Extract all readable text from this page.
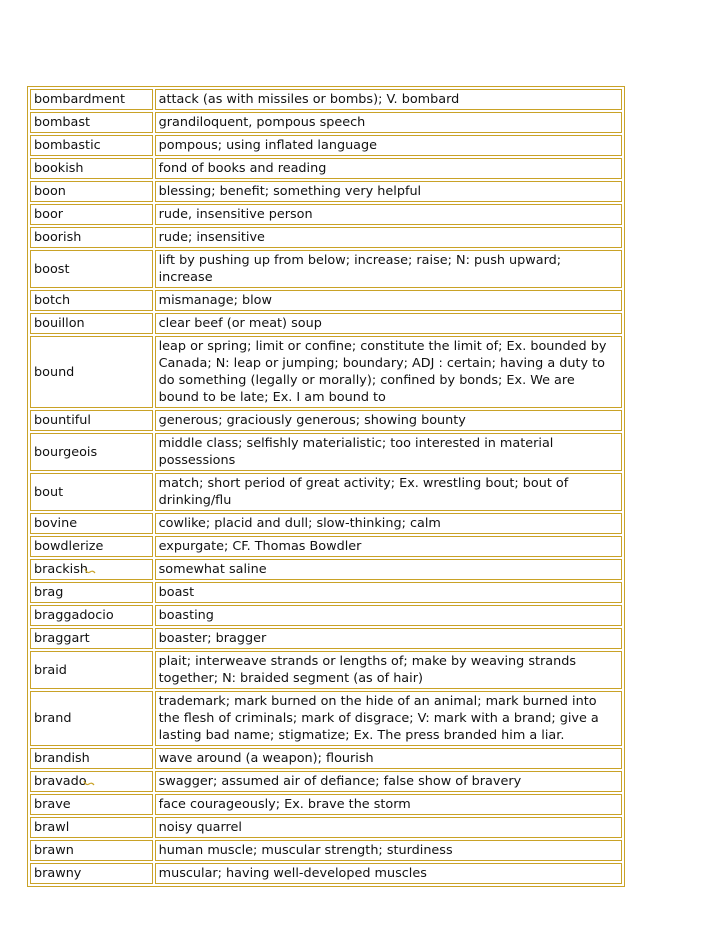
bombardment	attack (as with missiles or bombs); V. bombard
bombast	grandiloquent, pompous speech
bombastic	pompous; using inflated language
bookish	fond of books and reading
boon	blessing; benefit; something very helpful
boor	rude, insensitive person
boorish	rude; insensitive
boost	lift by pushing up from below; increase; raise; N: push upward; increase
botch	mismanage; blow
bouillon	clear beef (or meat) soup
bound	leap or spring; limit or confine; constitute the limit of; Ex. bounded by Canada; N: leap or jumping; boundary; ADJ : certain; having a duty to do something (legally or morally); confined by bonds; Ex. We are bound to be late; Ex. I am bound to
bountiful	generous; graciously generous; showing bounty
bourgeois	middle class; selfishly materialistic; too interested in material possessions
bout	match; short period of great activity; Ex. wrestling bout; bout of drinking/flu
bovine	cowlike; placid and dull; slow-thinking; calm
bowdlerize	expurgate; CF. Thomas Bowdler
brackish	somewhat saline
brag	boast
braggadocio	boasting
braggart	boaster; bragger
braid	plait; interweave strands or lengths of; make by weaving strands together; N: braided segment (as of hair)
brand	trademark; mark burned on the hide of an animal; mark burned into the flesh of criminals; mark of disgrace; V: mark with a brand; give a lasting bad name; stigmatize; Ex. The press branded him a liar.
brandish	wave around (a weapon); flourish
bravado	swagger; assumed air of defiance; false show of bravery
brave	face courageously; Ex. brave the storm
brawl	noisy quarrel
brawn	human muscle; muscular strength; sturdiness
brawny	muscular; having well-developed muscles
